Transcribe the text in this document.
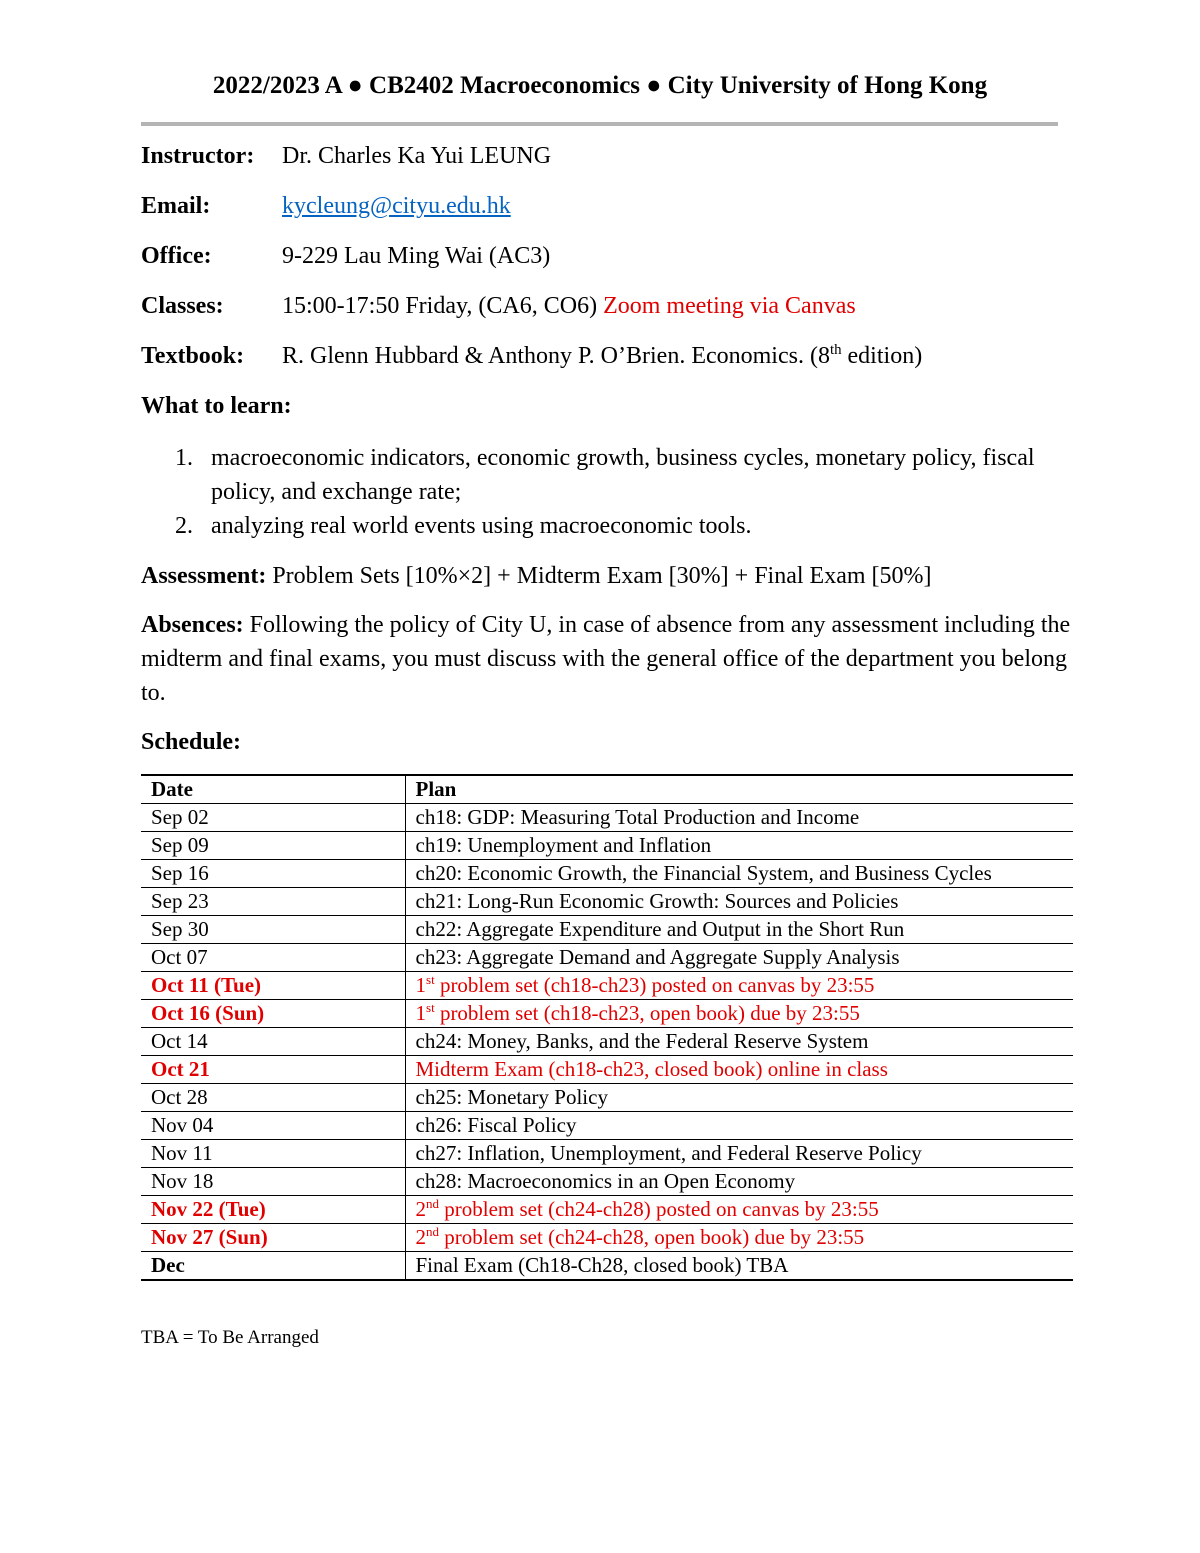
2022/2023 A ● CB2402 Macroeconomics ● City University of Hong Kong
Instructor: Dr. Charles Ka Yui LEUNG
Email:	kycleung@cityu.edu.hk
Office:	9-229 Lau Ming Wai (AC3)
Classes: 15:00-17:50 Friday, (CA6, CO6) Zoom meeting via Canvas
Textbook: R. Glenn Hubbard & Anthony P. O’Brien. Economics. (8th edition)
What to learn:
1. macroeconomic indicators, economic growth, business cycles, monetary policy, fiscal policy, and exchange rate;
2. analyzing real world events using macroeconomic tools.
Assessment: Problem Sets [10%×2] + Midterm Exam [30%] + Final Exam [50%]
Absences: Following the policy of City U, in case of absence from any assessment including the midterm and final exams, you must discuss with the general office of the department you belong to.
Schedule:
Date	Plan
Sep 02	ch18: GDP: Measuring Total Production and Income
Sep 09	ch19: Unemployment and Inflation
Sep 16	ch20: Economic Growth, the Financial System, and Business Cycles
Sep 23	ch21: Long-Run Economic Growth: Sources and Policies
Sep 30	ch22: Aggregate Expenditure and Output in the Short Run
Oct 07	ch23: Aggregate Demand and Aggregate Supply Analysis
Oct 11 (Tue)	1st problem set (ch18-ch23) posted on canvas by 23:55
Oct 16 (Sun)	1st problem set (ch18-ch23, open book) due by 23:55
Oct 14	ch24: Money, Banks, and the Federal Reserve System
Oct 21	Midterm Exam (ch18-ch23, closed book) online in class
Oct 28	ch25: Monetary Policy
Nov 04	ch26: Fiscal Policy
Nov 11	ch27: Inflation, Unemployment, and Federal Reserve Policy
Nov 18	ch28: Macroeconomics in an Open Economy
Nov 22 (Tue)	2nd problem set (ch24-ch28) posted on canvas by 23:55
Nov 27 (Sun)	2nd problem set (ch24-ch28, open book) due by 23:55
Dec	Final Exam (Ch18-Ch28, closed book) TBA
TBA = To Be Arranged
